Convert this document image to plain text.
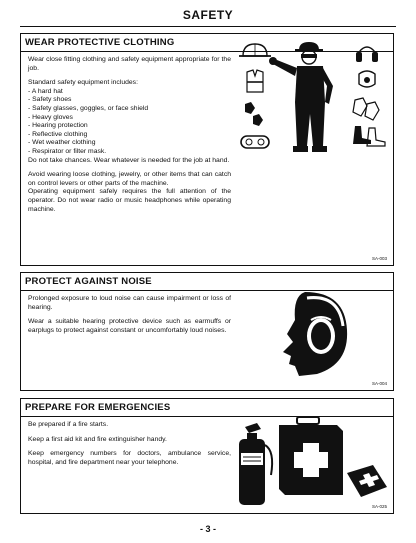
SAFETY
WEAR PROTECTIVE CLOTHING

Wear close fitting clothing and safety equipment appropriate for the job.

Standard safety equipment includes:
- A hard hat
- Safety shoes
- Safety glasses, goggles, or face shield
- Heavy gloves
- Hearing protection
- Reflective clothing
- Wet weather clothing
- Respirator or filter mask.

Do not take chances. Wear whatever is needed for the job at hand.

Avoid wearing loose clothing, jewelry, or other items that can catch on control levers or other parts of the machine.

Operating equipment safely requires the full attention of the operator. Do not wear radio or music headphones while operating machine.

SA-003
PROTECT AGAINST NOISE

Prolonged exposure to loud noise can cause impairment or loss of hearing.

Wear a suitable hearing protective device such as earmuffs or earplugs to protect against constant or uncomfortably loud noises.

SA-004
PREPARE FOR EMERGENCIES

Be prepared if a fire starts.

Keep a first aid kit and fire extinguisher handy.

Keep emergency numbers for doctors, ambulance service, hospital, and fire department near your telephone.

SA-025
- 3 -
